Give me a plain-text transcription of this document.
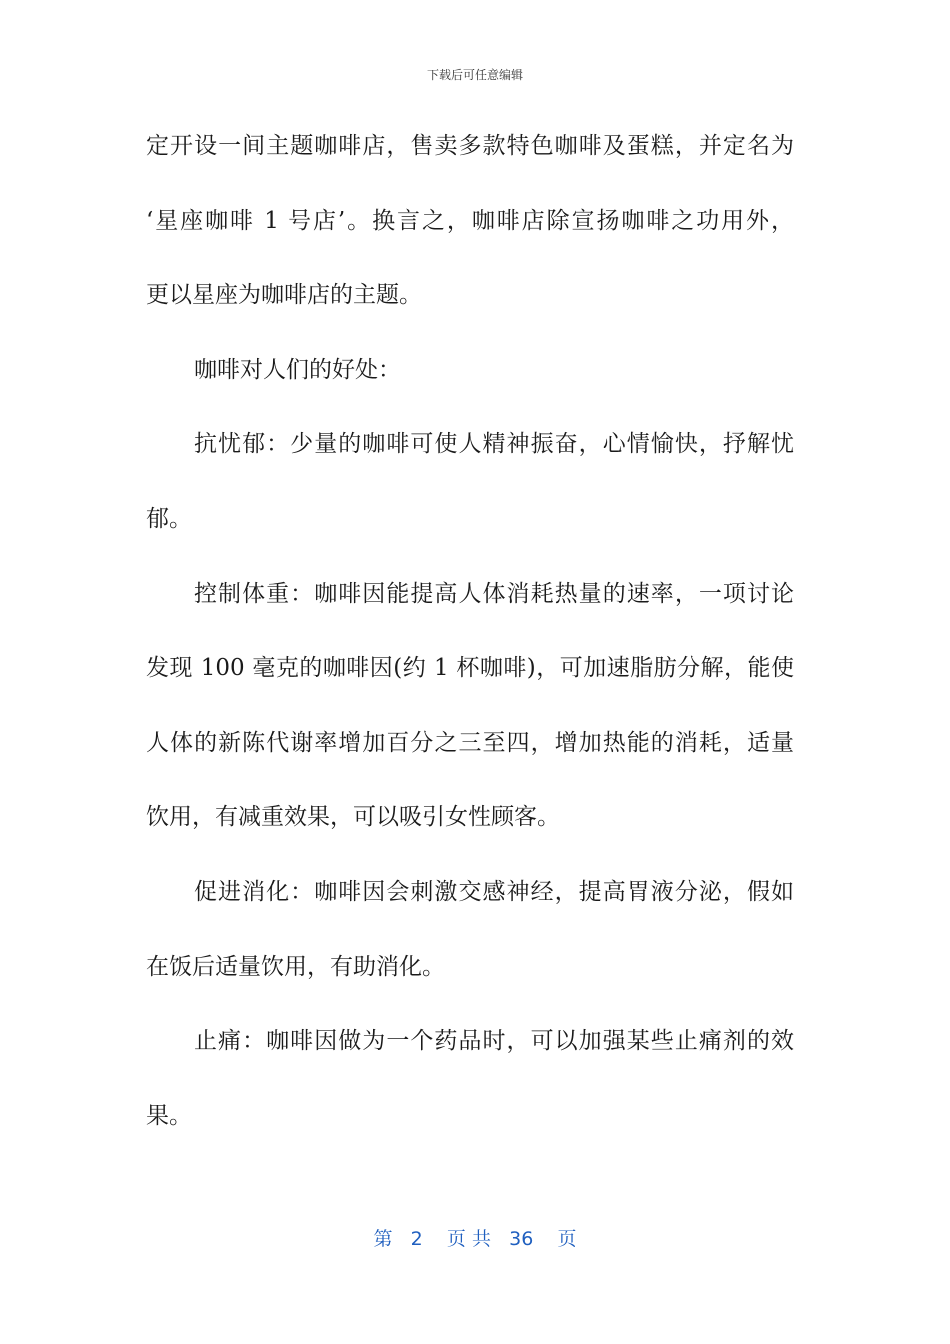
下载后可任意编辑
定开设一间主题咖啡店，售卖多款特色咖啡及蛋糕，并定名为
‘星座咖啡 1 号店’。换言之，咖啡店除宣扬咖啡之功用外，
更以星座为咖啡店的主题。
咖啡对人们的好处：
抗忧郁：少量的咖啡可使人精神振奋，心情愉快，抒解忧
郁。
控制体重：咖啡因能提高人体消耗热量的速率，一项讨论
发现 100 毫克的咖啡因(约 1 杯咖啡)，可加速脂肪分解，能使
人体的新陈代谢率增加百分之三至四，增加热能的消耗，适量
饮用，有减重效果，可以吸引女性顾客。
促进消化：咖啡因会刺激交感神经，提高胃液分泌，假如
在饭后适量饮用，有助消化。
止痛：咖啡因做为一个药品时，可以加强某些止痛剂的效
果。
第 2 页 共 36 页
